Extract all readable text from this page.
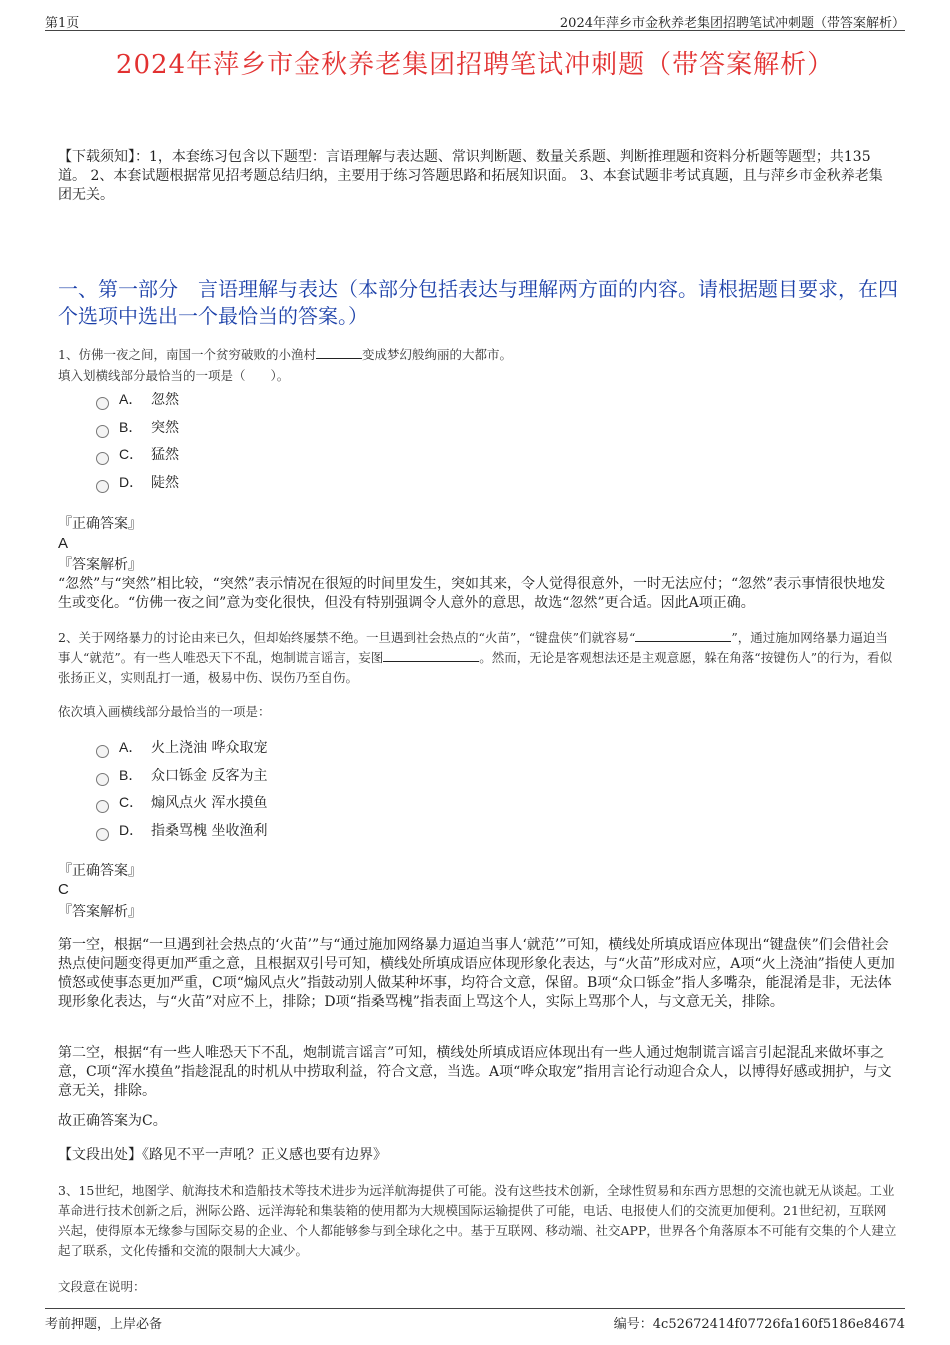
第1页	2024年萍乡市金秋养老集团招聘笔试冲刺题（带答案解析）
2024年萍乡市金秋养老集团招聘笔试冲刺题（带答案解析）
【下载须知】：1，本套练习包含以下题型：言语理解与表达题、常识判断题、数量关系题、判断推理题和资料分析题等题型；共135道。 2、本套试题根据常见招考题总结归纳，主要用于练习答题思路和拓展知识面。 3、本套试题非考试真题，且与萍乡市金秋养老集团无关。
一、第一部分　言语理解与表达（本部分包括表达与理解两方面的内容。请根据题目要求，在四个选项中选出一个最恰当的答案。）
1、仿佛一夜之间，南国一个贫穷破败的小渔村	变成梦幻般绚丽的大都市。
填入划横线部分最恰当的一项是（　　）。
A． 忽然
B． 突然
C． 猛然
D． 陡然
『正确答案』
A
『答案解析』
“忽然”与“突然”相比较，“突然”表示情况在很短的时间里发生，突如其来，令人觉得很意外，一时无法应付；“忽然”表示事情很快地发生或变化。“仿佛一夜之间”意为变化很快，但没有特别强调令人意外的意思，故选“忽然”更合适。因此A项正确。
2、关于网络暴力的讨论由来已久，但却始终屡禁不绝。一旦遇到社会热点的“火苗”，“键盘侠”们就容易“	”，通过施加网络暴力逼迫当事人“就范”。有一些人唯恐天下不乱，炮制谎言谣言，妄图	。然而，无论是客观想法还是主观意愿，躲在角落“按键伤人”的行为，看似张扬正义，实则乱打一通，极易中伤、误伤乃至自伤。
依次填入画横线部分最恰当的一项是：
A． 火上浇油 哗众取宠
B． 众口铄金 反客为主
C． 煽风点火 浑水摸鱼
D． 指桑骂槐 坐收渔利
『正确答案』
C
『答案解析』
第一空，根据“一旦遇到社会热点的‘火苗’”与“通过施加网络暴力逼迫当事人‘就范’”可知，横线处所填成语应体现出“键盘侠”们会借社会热点使问题变得更加严重之意，且根据双引号可知，横线处所填成语应体现形象化表达，与“火苗”形成对应，A项“火上浇油”指使人更加愤怒或使事态更加严重，C项“煽风点火”指鼓动别人做某种坏事，均符合文意，保留。B项“众口铄金”指人多嘴杂，能混淆是非，无法体现形象化表达，与“火苗”对应不上，排除；D项“指桑骂槐”指表面上骂这个人，实际上骂那个人，与文意无关，排除。
第二空，根据“有一些人唯恐天下不乱，炮制谎言谣言”可知，横线处所填成语应体现出有一些人通过炮制谎言谣言引起混乱来做坏事之意，C项“浑水摸鱼”指趁混乱的时机从中捞取利益，符合文意，当选。A项“哗众取宠”指用言论行动迎合众人，以博得好感或拥护，与文意无关，排除。
故正确答案为C。
【文段出处】《路见不平一声吼？正义感也要有边界》
3、15世纪，地图学、航海技术和造船技术等技术进步为远洋航海提供了可能。没有这些技术创新，全球性贸易和东西方思想的交流也就无从谈起。工业革命进行技术创新之后，洲际公路、远洋海轮和集装箱的使用都为大规模国际运输提供了可能，电话、电报使人们的交流更加便利。21世纪初，互联网兴起，使得原本无缘参与国际交易的企业、个人都能够参与到全球化之中。基于互联网、移动端、社交APP，世界各个角落原本不可能有交集的个人建立起了联系，文化传播和交流的限制大大减少。
文段意在说明：
考前押题，上岸必备	编号：4c52672414f07726fa160f5186e84674
